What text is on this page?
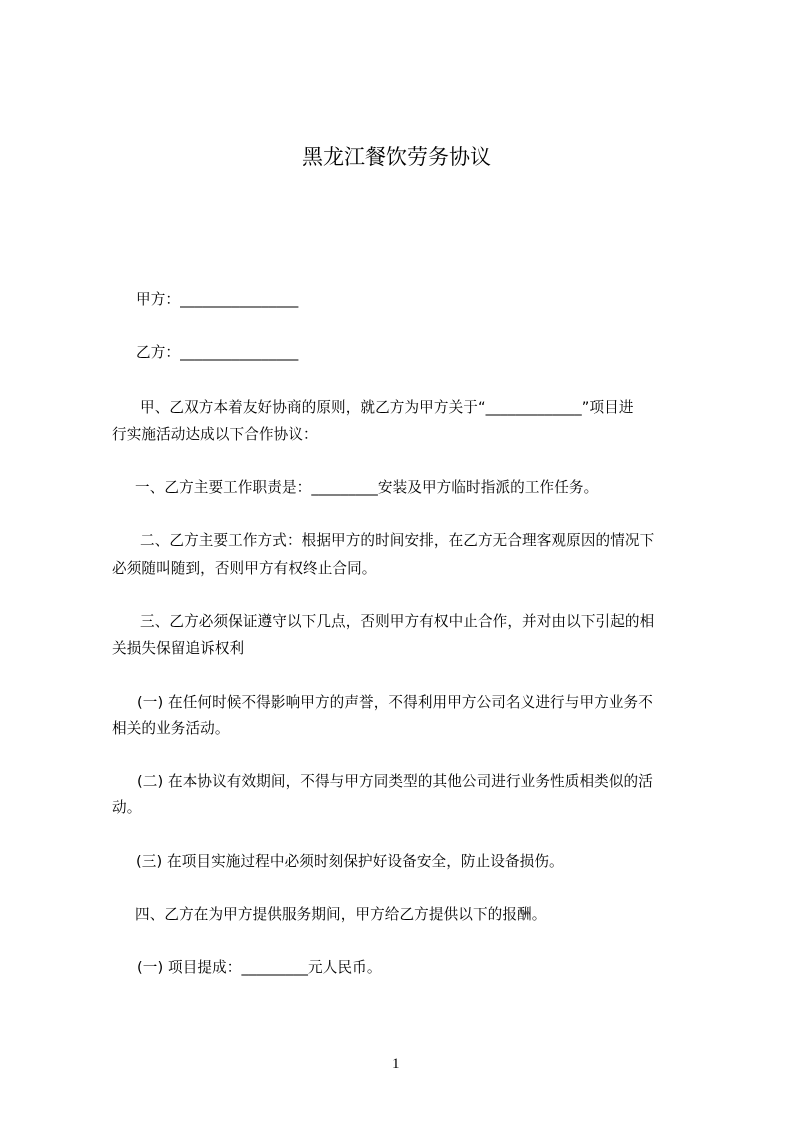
黑龙江餐饮劳务协议
甲方：________________
乙方：________________
甲、乙双方本着友好协商的原则，就乙方为甲方关于“_____________”项目进
行实施活动达成以下合作协议：
一、乙方主要工作职责是：_________安装及甲方临时指派的工作任务。
二、乙方主要工作方式：根据甲方的时间安排，在乙方无合理客观原因的情况下
必须随叫随到，否则甲方有权终止合同。
三、乙方必须保证遵守以下几点，否则甲方有权中止合作，并对由以下引起的相
关损失保留追诉权利
(一) 在任何时候不得影响甲方的声誉，不得利用甲方公司名义进行与甲方业务不
相关的业务活动。
(二) 在本协议有效期间，不得与甲方同类型的其他公司进行业务性质相类似的活
动。
(三) 在项目实施过程中必须时刻保护好设备安全，防止设备损伤。
四、乙方在为甲方提供服务期间，甲方给乙方提供以下的报酬。
(一) 项目提成：_________元人民币。
1
